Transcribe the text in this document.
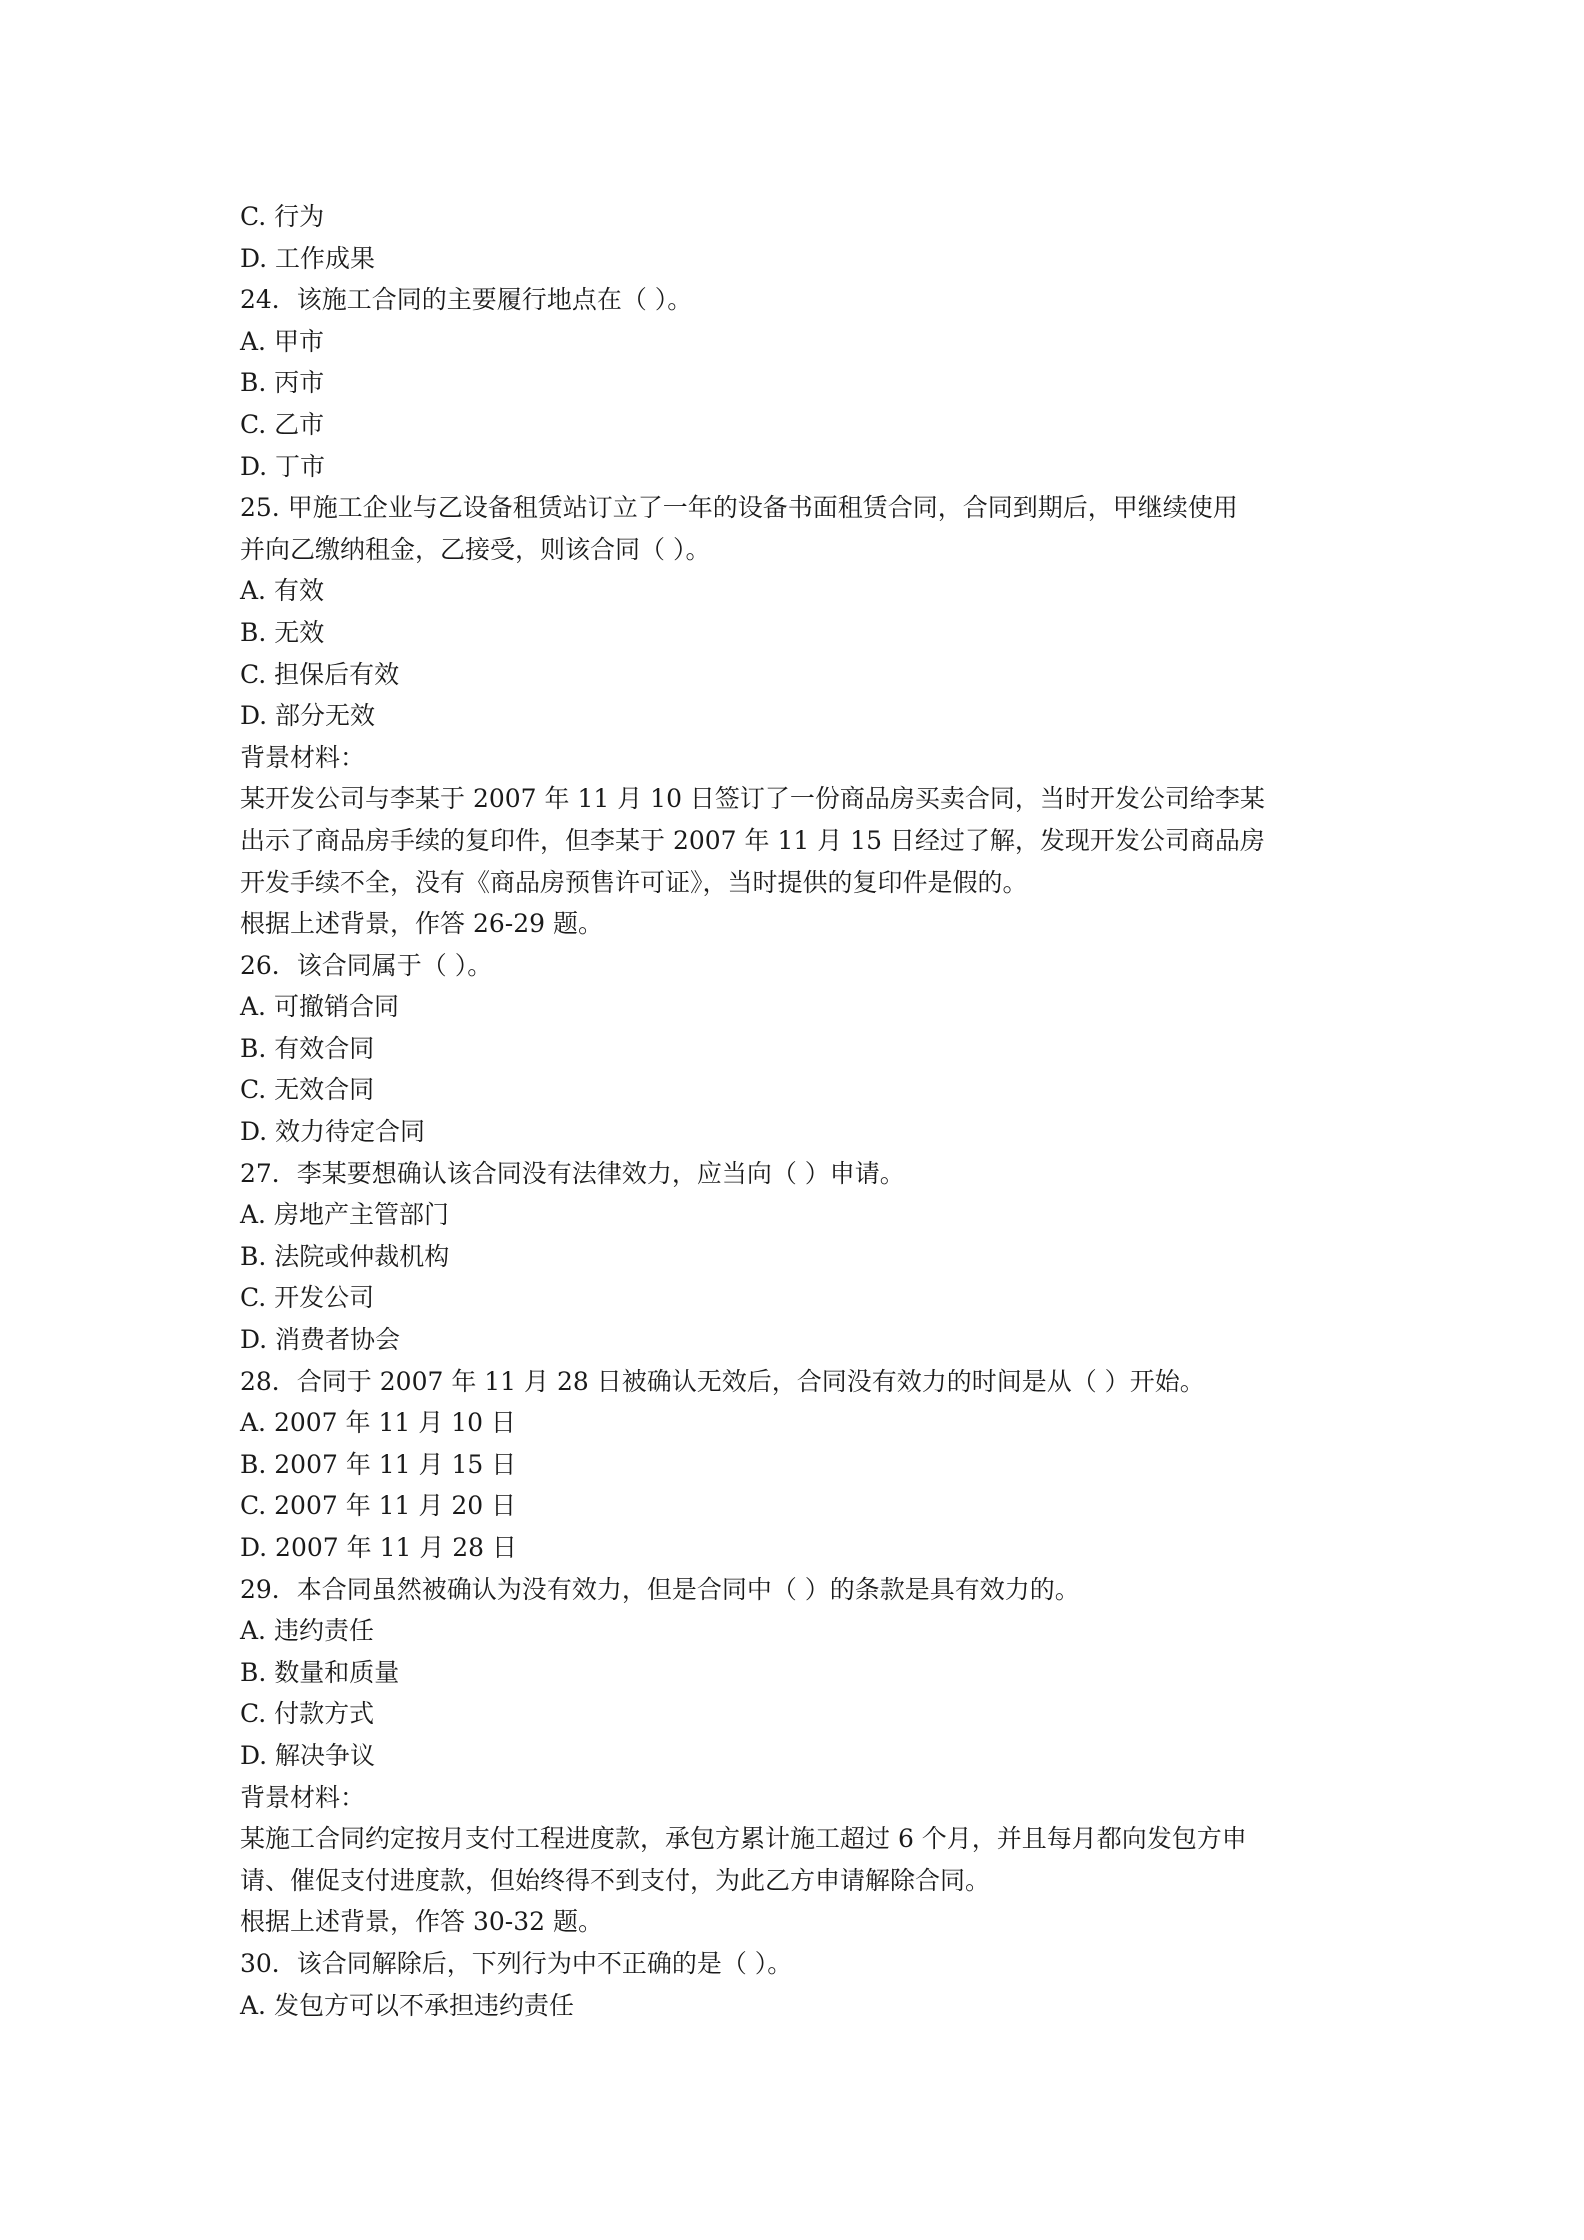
C. 行为
D. 工作成果
24．该施工合同的主要履行地点在（ ）。
A. 甲市
B. 丙市
C. 乙市
D. 丁市
25. 甲施工企业与乙设备租赁站订立了一年的设备书面租赁合同，合同到期后，甲继续使用
并向乙缴纳租金，乙接受，则该合同（ ）。
A. 有效
B. 无效
C. 担保后有效
D. 部分无效
背景材料：
某开发公司与李某于 2007 年 11 月 10 日签订了一份商品房买卖合同，当时开发公司给李某
出示了商品房手续的复印件，但李某于 2007 年 11 月 15 日经过了解，发现开发公司商品房
开发手续不全，没有《商品房预售许可证》，当时提供的复印件是假的。
根据上述背景，作答 26-29 题。
26．该合同属于（ ）。
A. 可撤销合同
B. 有效合同
C. 无效合同
D. 效力待定合同
27．李某要想确认该合同没有法律效力，应当向（ ）申请。
A. 房地产主管部门
B. 法院或仲裁机构
C. 开发公司
D. 消费者协会
28．合同于 2007 年 11 月 28 日被确认无效后，合同没有效力的时间是从（ ）开始。
A. 2007 年 11 月 10 日
B. 2007 年 11 月 15 日
C. 2007 年 11 月 20 日
D. 2007 年 11 月 28 日
29．本合同虽然被确认为没有效力，但是合同中（ ）的条款是具有效力的。
A. 违约责任
B. 数量和质量
C. 付款方式
D. 解决争议
背景材料：
某施工合同约定按月支付工程进度款，承包方累计施工超过 6 个月，并且每月都向发包方申
请、催促支付进度款，但始终得不到支付，为此乙方申请解除合同。
根据上述背景，作答 30-32 题。
30．该合同解除后，下列行为中不正确的是（ ）。
A. 发包方可以不承担违约责任
